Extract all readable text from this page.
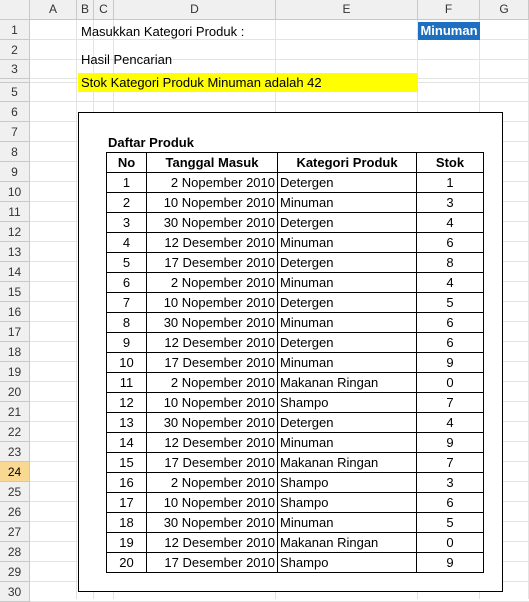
A	B C	D	E	F	G
1
2
3
5
6
7
8
9
10
11
12
13
14
15
16
17
18
19
20
21
22
23
24
25
26
27
28
29
30
Masukkan Kategori Produk :	Minuman
Hasil Pencarian
Stok Kategori Produk Minuman adalah 42
Daftar Produk
No	Tanggal Masuk	Kategori Produk	Stok
1	2 Nopember 2010	Detergen	1
2	10 Nopember 2010	Minuman	3
3	30 Nopember 2010	Detergen	4
4	12 Desember 2010	Minuman	6
5	17 Desember 2010	Detergen	8
6	2 Nopember 2010	Minuman	4
7	10 Nopember 2010	Detergen	5
8	30 Nopember 2010	Minuman	6
9	12 Desember 2010	Detergen	6
10	17 Desember 2010	Minuman	9
11	2 Nopember 2010	Makanan Ringan	0
12	10 Nopember 2010	Shampo	7
13	30 Nopember 2010	Detergen	4
14	12 Desember 2010	Minuman	9
15	17 Desember 2010	Makanan Ringan	7
16	2 Nopember 2010	Shampo	3
17	10 Nopember 2010	Shampo	6
18	30 Nopember 2010	Minuman	5
19	12 Desember 2010	Makanan Ringan	0
20	17 Desember 2010	Shampo	9
